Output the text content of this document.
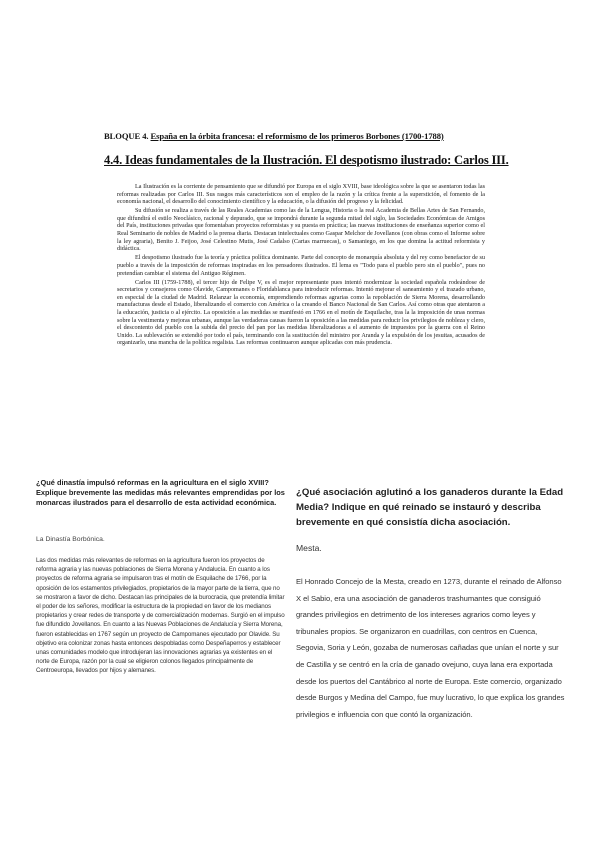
BLOQUE 4. España en la órbita francesa: el reformismo de los primeros Borbones (1700-1788)
4.4. Ideas fundamentales de la Ilustración. El despotismo ilustrado: Carlos III.

La Ilustración es la corriente de pensamiento que se difundió por Europa en el siglo XVIII, base ideológica sobre la que se asentaron todas las reformas realizadas por Carlos III. Sus rasgos más característicos son el empleo de la razón y la crítica frente a la superstición, el fomento de la economía nacional, el desarrollo del conocimiento científico y la educación, o la difusión del progreso y la felicidad.

Su difusión se realiza a través de las Reales Academias como las de la Lengua, Historia o la real Academia de Bellas Artes de San Fernando, que difundirá el estilo Neoclásico, racional y depurado, que se impondrá durante la segunda mitad del siglo, las Sociedades Económicas de Amigos del País, instituciones privadas que fomentaban proyectos reformistas y su puesta en práctica; las nuevas instituciones de enseñanza superior como el Real Seminario de nobles de Madrid o la prensa diaria. Destacan intelectuales como Gaspar Melchor de Jovellanos (con obras como el Informe sobre la ley agraria), Benito J. Feijoo, José Celestino Mutis, José Cadalso (Cartas marruecas), o Samaniego, en los que domina la actitud reformista y didáctica.

El despotismo ilustrado fue la teoría y práctica política dominante. Parte del concepto de monarquía absoluta y del rey como benefactor de su pueblo a través de la imposición de reformas inspiradas en los pensadores ilustrados. El lema es "Todo para el pueblo pero sin el pueblo", pues no pretendían cambiar el sistema del Antiguo Régimen.

Carlos III (1759-1788), el tercer hijo de Felipe V, es el mejor representante pues intentó modernizar la sociedad española rodeándose de secretarios y consejeros como Olavide, Campomanes o Floridablanca para introducir reformas. Intentó mejorar el saneamiento y el trazado urbano, en especial de la ciudad de Madrid. Relanzar la economía, emprendiendo reformas agrarias como la repoblación de Sierra Morena, desarrollando manufacturas desde el Estado, liberalizando el comercio con América o la creando el Banco Nacional de San Carlos. Así como otras que atentaron a la educación, justicia o al ejército. La oposición a las medidas se manifestó en 1766 en el motín de Esquilache, tras la la imposición de unas normas sobre la vestimenta y mejoras urbanas, aunque las verdaderas causas fueron la oposición a las medidas para reducir los privilegios de nobleza y clero, el descontento del pueblo con la subida del precio del pan por las medidas liberalizadoras a el aumento de impuestos por la guerra con el Reino Unido. La sublevación se extendió por todo el país, terminando con la sustitución del ministro por Aranda y la expulsión de los jesuitas, acusados de organizarlo, una mancha de la política regalista. Las reformas continuaron aunque aplicadas con más prudencia.

¿Qué dinastía impulsó reformas en la agricultura en el siglo XVIII? Explique brevemente las medidas más relevantes emprendidas por los monarcas ilustrados para el desarrollo de esta actividad económica.
La Dinastía Borbónica.
Las dos medidas más relevantes de reformas en la agricultura fueron los proyectos de reforma agraria y las nuevas poblaciones de Sierra Morena y Andalucía. En cuanto a los proyectos de reforma agraria se impulsaron tras el motín de Esquilache de 1766, por la oposición de los estamentos privilegiados, propietarios de la mayor parte de la tierra, que no se mostraron a favor de dicho. Destacan las principales de la burocracia, que pretendía limitar el poder de los señores, modificar la estructura de la propiedad en favor de los medianos propietarios y crear redes de transporte y de comercialización modernas. Surgió en el impulso fue difundido Jovellanos. En cuanto a las Nuevas Poblaciones de Andalucía y Sierra Morena, fueron establecidas en 1767 según un proyecto de Campomanes ejecutado por Olavide. Su objetivo era colonizar zonas hasta entonces despobladas como Despeñaperros y establecer unas comunidades modelo que introdujeran las innovaciones agrarias ya existentes en el norte de Europa, razón por la cual se eligieron colonos llegados principalmente de Centroeuropa, llevados por hijos y alemanes.
¿Qué asociación aglutinó a los ganaderos durante la Edad Media? Indique en qué reinado se instauró y describa brevemente en qué consistía dicha asociación.
Mesta.
El Honrado Concejo de la Mesta, creado en 1273, durante el reinado de Alfonso X el Sabio, era una asociación de ganaderos trashumantes que consiguió grandes privilegios en detrimento de los intereses agrarios como leyes y tribunales propios. Se organizaron en cuadrillas, con centros en Cuenca, Segovia, Soria y León, gozaba de numerosas cañadas que unían el norte y sur de Castilla y se centró en la cría de ganado ovejuno, cuya lana era exportada desde los puertos del Cantábrico al norte de Europa. Este comercio, organizado desde Burgos y Medina del Campo, fue muy lucrativo, lo que explica los grandes privilegios e influencia con que contó la organización.
